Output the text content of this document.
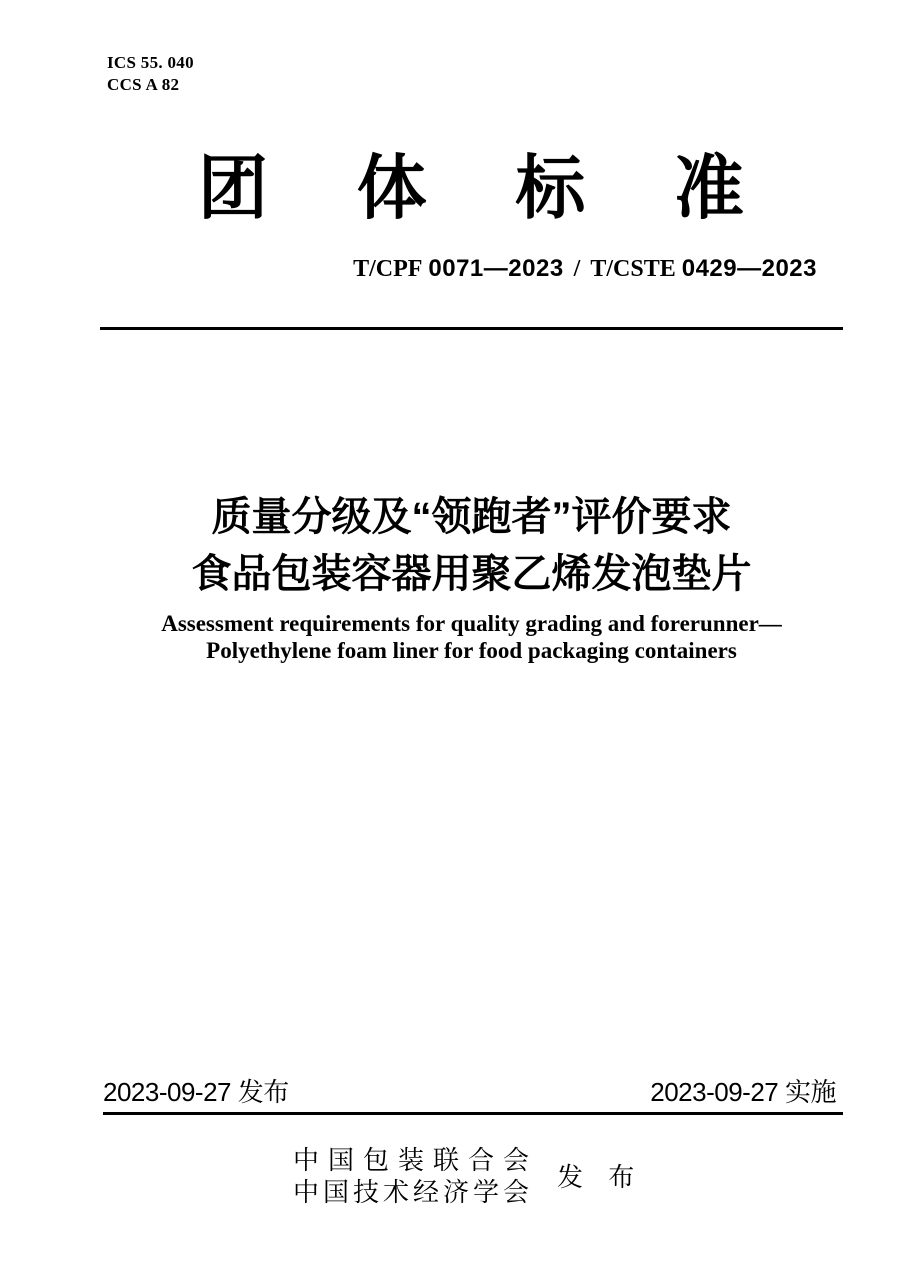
ICS 55. 040
CCS A 82
团 体 标 准
T/CPF 0071—2023 / T/CSTE 0429—2023
质量分级及“领跑者”评价要求
食品包装容器用聚乙烯发泡垫片
Assessment requirements for quality grading and forerunner—
Polyethylene foam liner for food packaging containers
2023-09-27 发布	2023-09-27 实施
中国包装联合会
中国技术经济学会 发 布
